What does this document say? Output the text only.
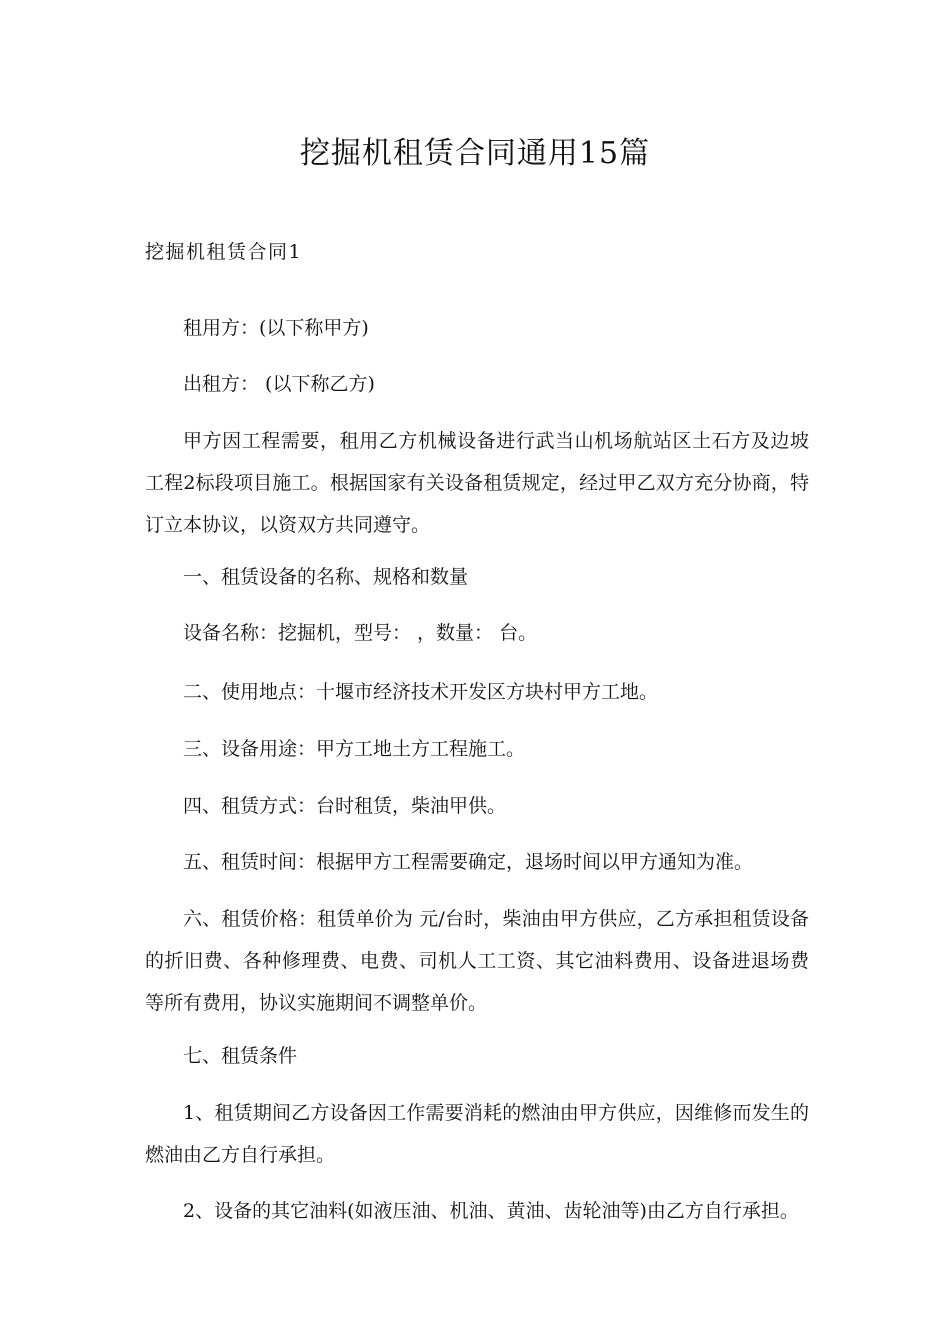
挖掘机租赁合同通用15篇
挖掘机租赁合同1

租用方：(以下称甲方)

出租方： (以下称乙方)

甲方因工程需要，租用乙方机械设备进行武当山机场航站区土石方及边坡工程2标段项目施工。根据国家有关设备租赁规定，经过甲乙双方充分协商，特订立本协议，以资双方共同遵守。

一、租赁设备的名称、规格和数量

设备名称：挖掘机，型号： ，数量： 台。

二、使用地点：十堰市经济技术开发区方块村甲方工地。

三、设备用途：甲方工地土方工程施工。

四、租赁方式：台时租赁，柴油甲供。

五、租赁时间：根据甲方工程需要确定，退场时间以甲方通知为准。

六、租赁价格：租赁单价为 元/台时，柴油由甲方供应，乙方承担租赁设备的折旧费、各种修理费、电费、司机人工工资、其它油料费用、设备进退场费等所有费用，协议实施期间不调整单价。

七、租赁条件

1、租赁期间乙方设备因工作需要消耗的燃油由甲方供应，因维修而发生的燃油由乙方自行承担。

2、设备的其它油料(如液压油、机油、黄油、齿轮油等)由乙方自行承担。
